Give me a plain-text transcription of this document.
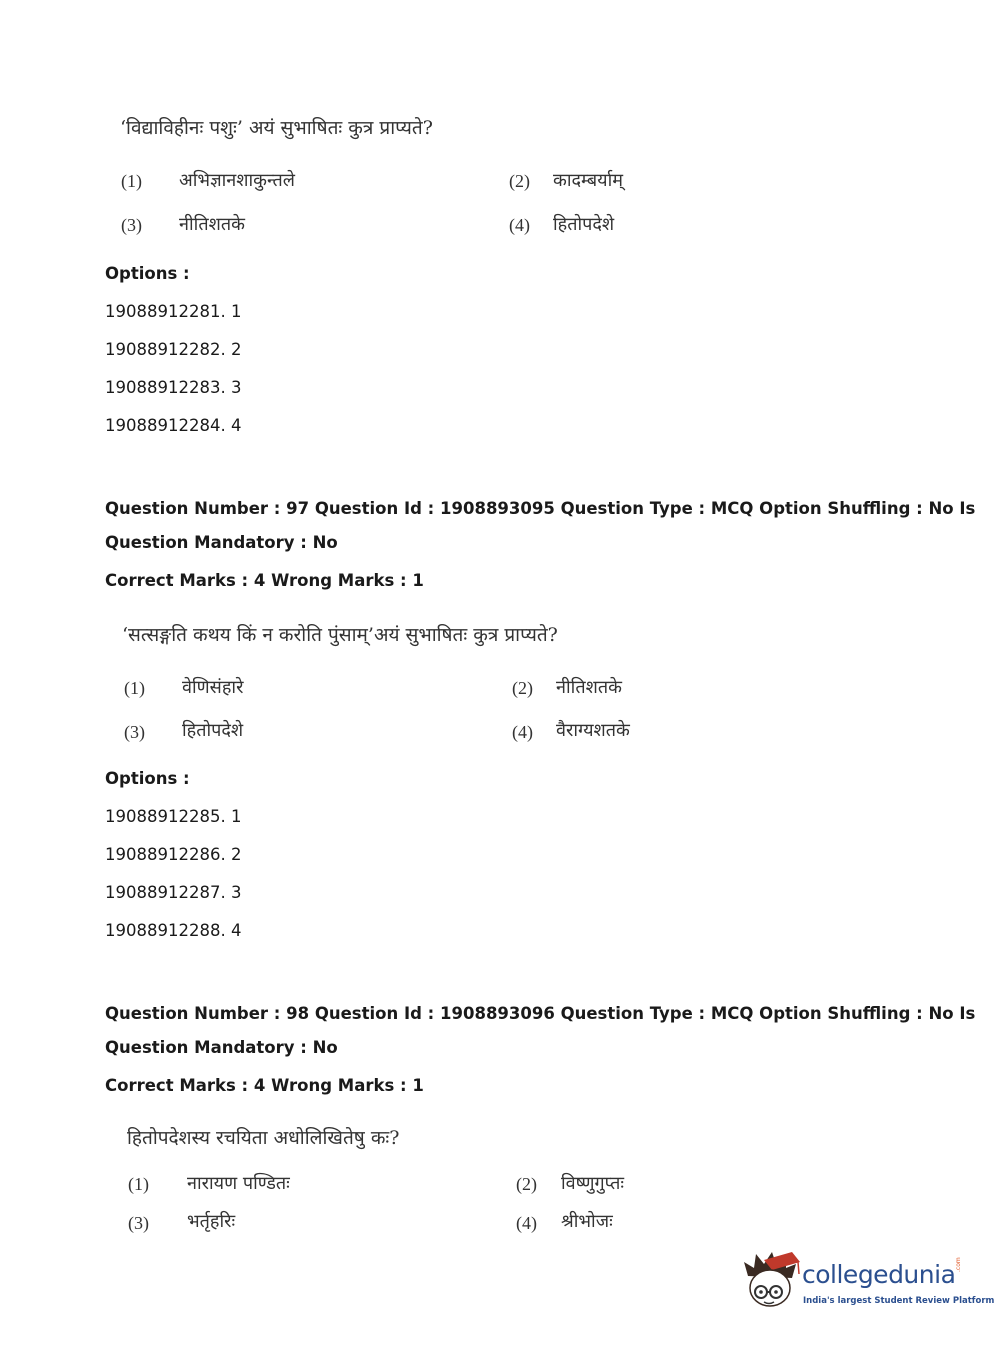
‘विद्याविहीनः पशुः’ अयं सुभाषितः कुत्र प्राप्यते?
(1) अभिज्ञानशाकुन्तले	(2) कादम्बर्याम्
(3) नीतिशतके	(4) हितोपदेशे
Options :
19088912281. 1
19088912282. 2
19088912283. 3
19088912284. 4
Question Number : 97 Question Id : 1908893095 Question Type : MCQ Option Shuffling : No Is
Question Mandatory : No
Correct Marks : 4 Wrong Marks : 1
‘सत्सङ्गति कथय किं न करोति पुंसाम्’अयं सुभाषितः कुत्र प्राप्यते?
(1) वेणिसंहारे	(2) नीतिशतके
(3) हितोपदेशे	(4) वैराग्यशतके
Options :
19088912285. 1
19088912286. 2
19088912287. 3
19088912288. 4
Question Number : 98 Question Id : 1908893096 Question Type : MCQ Option Shuffling : No Is
Question Mandatory : No
Correct Marks : 4 Wrong Marks : 1
हितोपदेशस्य रचयिता अधोलिखितेषु कः?
(1) नारायण पण्डितः	(2) विष्णुगुप्तः
(3) भर्तृहरिः	(4) श्रीभोजः
collegedunia .com
India's largest Student Review Platform
